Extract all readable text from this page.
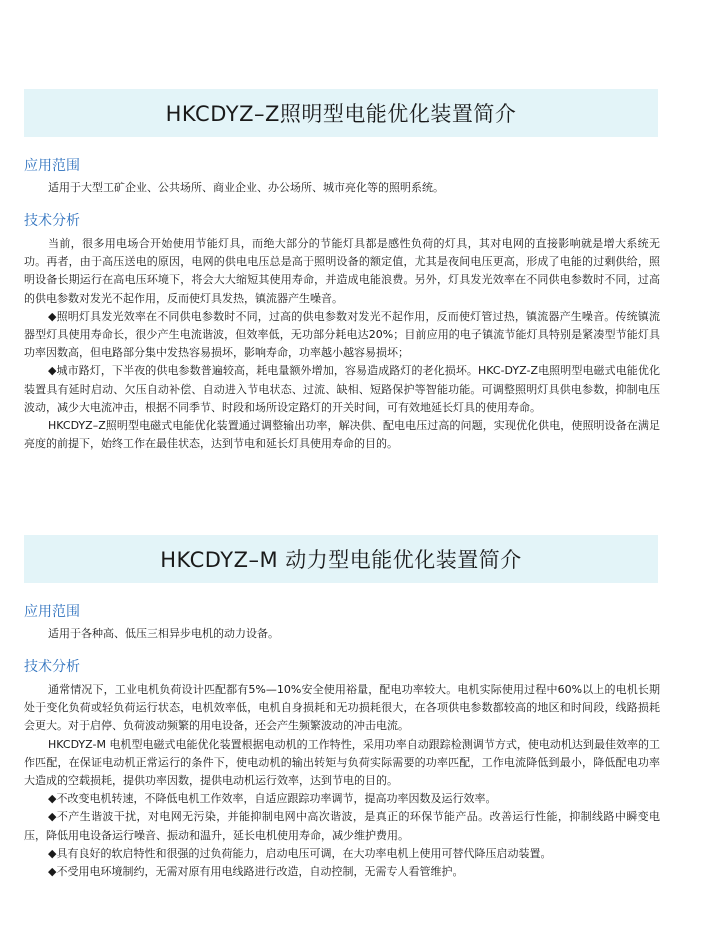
HKCDYZ–Z照明型电能优化装置简介
应用范围

适用于大型工矿企业、公共场所、商业企业、办公场所、城市亮化等的照明系统。

技术分析

当前，很多用电场合开始使用节能灯具，而绝大部分的节能灯具都是感性负荷的灯具，其对电网的直接影响就是增大系统无功。再者，由于高压送电的原因，电网的供电电压总是高于照明设备的额定值，尤其是夜间电压更高，形成了电能的过剩供给，照明设备长期运行在高电压环境下，将会大大缩短其使用寿命，并造成电能浪费。另外，灯具发光效率在不同供电参数时不同，过高的供电参数对发光不起作用，反而使灯具发热，镇流器产生噪音。

◆照明灯具发光效率在不同供电参数时不同，过高的供电参数对发光不起作用，反而使灯管过热，镇流器产生噪音。传统镇流器型灯具使用寿命长，很少产生电流谐波，但效率低，无功部分耗电达20%；目前应用的电子镇流节能灯具特别是紧凑型节能灯具功率因数高，但电路部分集中发热容易损坏，影响寿命，功率越小越容易损坏；

◆城市路灯，下半夜的供电参数普遍较高，耗电量额外增加，容易造成路灯的老化损坏。HKC-DYZ-Z电照明型电磁式电能优化装置具有延时启动、欠压自动补偿、自动进入节电状态、过流、缺相、短路保护等智能功能。可调整照明灯具供电参数，抑制电压波动，减少大电流冲击，根据不同季节、时段和场所设定路灯的开关时间，可有效地延长灯具的使用寿命。

HKCDYZ–Z照明型电磁式电能优化装置通过调整输出功率，解决供、配电电压过高的问题，实现优化供电，使照明设备在满足亮度的前提下，始终工作在最佳状态，达到节电和延长灯具使用寿命的目的。

HKCDYZ–M 动力型电能优化装置简介
应用范围

适用于各种高、低压三相异步电机的动力设备。

技术分析

通常情况下，工业电机负荷设计匹配都有5%—10%安全使用裕量，配电功率较大。电机实际使用过程中60%以上的电机长期处于变化负荷或轻负荷运行状态，电机效率低，电机自身损耗和无功损耗很大，在各项供电参数都较高的地区和时间段，线路损耗会更大。对于启停、负荷波动频繁的用电设备，还会产生频繁波动的冲击电流。

HKCDYZ-M 电机型电磁式电能优化装置根据电动机的工作特性，采用功率自动跟踪检测调节方式，使电动机达到最佳效率的工作匹配，在保证电动机正常运行的条件下，使电动机的输出转矩与负荷实际需要的功率匹配，工作电流降低到最小，降低配电功率大造成的空载损耗，提供功率因数，提供电动机运行效率，达到节电的目的。

◆不改变电机转速，不降低电机工作效率，自适应跟踪功率调节，提高功率因数及运行效率。

◆不产生谐波干扰，对电网无污染，并能抑制电网中高次谐波，是真正的环保节能产品。改善运行性能，抑制线路中瞬变电压，降低用电设备运行噪音、振动和温升，延长电机使用寿命，减少维护费用。

◆具有良好的软启特性和很强的过负荷能力，启动电压可调，在大功率电机上使用可替代降压启动装置。

◆不受用电环境制约，无需对原有用电线路进行改造，自动控制，无需专人看管维护。
